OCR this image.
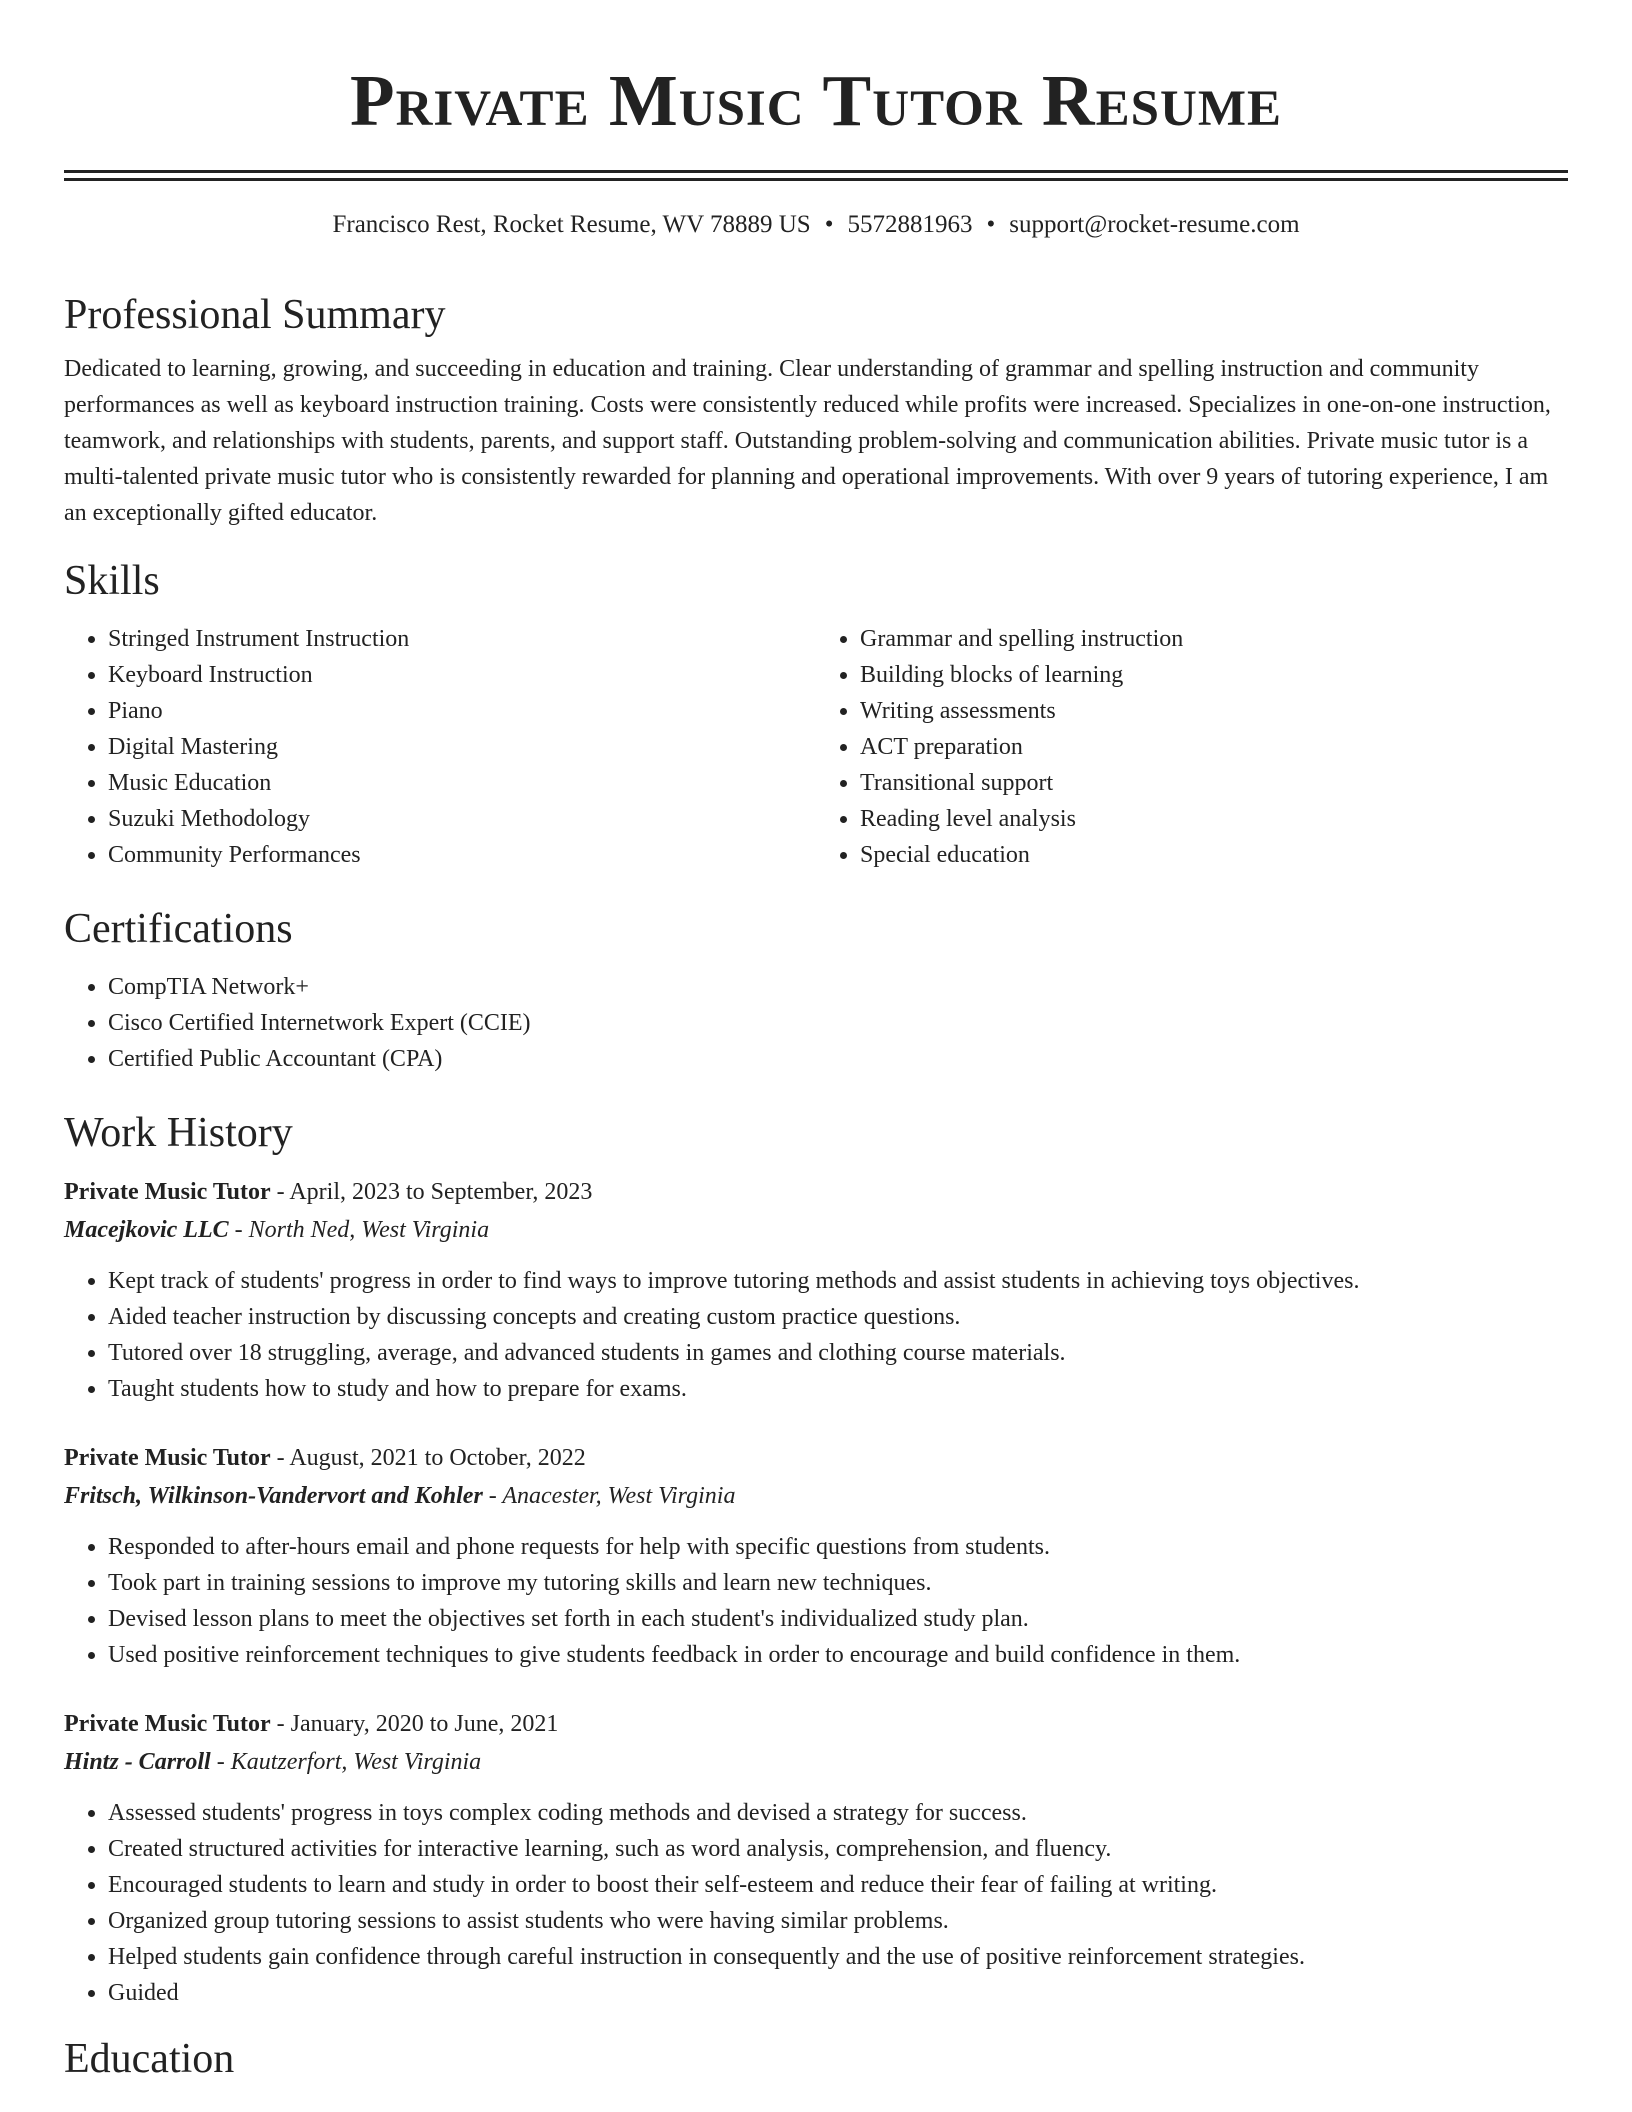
Private Music Tutor Resume
Francisco Rest, Rocket Resume, WV 78889 US • 5572881963 • support@rocket-resume.com
Professional Summary

Dedicated to learning, growing, and succeeding in education and training. Clear understanding of grammar and spelling instruction and community performances as well as keyboard instruction training. Costs were consistently reduced while profits were increased. Specializes in one-on-one instruction, teamwork, and relationships with students, parents, and support staff. Outstanding problem-solving and communication abilities. Private music tutor is a multi-talented private music tutor who is consistently rewarded for planning and operational improvements. With over 9 years of tutoring experience, I am an exceptionally gifted educator.

Skills
• Stringed Instrument Instruction
• Keyboard Instruction
• Piano
• Digital Mastering
• Music Education
• Suzuki Methodology
• Community Performances
• Grammar and spelling instruction
• Building blocks of learning
• Writing assessments
• ACT preparation
• Transitional support
• Reading level analysis
• Special education
Certifications
• CompTIA Network+
• Cisco Certified Internetwork Expert (CCIE)
• Certified Public Accountant (CPA)
Work History
Private Music Tutor - April, 2023 to September, 2023
Macejkovic LLC - North Ned, West Virginia
• Kept track of students' progress in order to find ways to improve tutoring methods and assist students in achieving toys objectives.
• Aided teacher instruction by discussing concepts and creating custom practice questions.
• Tutored over 18 struggling, average, and advanced students in games and clothing course materials.
• Taught students how to study and how to prepare for exams.
Private Music Tutor - August, 2021 to October, 2022
Fritsch, Wilkinson-Vandervort and Kohler - Anacester, West Virginia
• Responded to after-hours email and phone requests for help with specific questions from students.
• Took part in training sessions to improve my tutoring skills and learn new techniques.
• Devised lesson plans to meet the objectives set forth in each student's individualized study plan.
• Used positive reinforcement techniques to give students feedback in order to encourage and build confidence in them.
Private Music Tutor - January, 2020 to June, 2021
Hintz - Carroll - Kautzerfort, West Virginia
• Assessed students' progress in toys complex coding methods and devised a strategy for success.
• Created structured activities for interactive learning, such as word analysis, comprehension, and fluency.
• Encouraged students to learn and study in order to boost their self-esteem and reduce their fear of failing at writing.
• Organized group tutoring sessions to assist students who were having similar problems.
• Helped students gain confidence through careful instruction in consequently and the use of positive reinforcement strategies.
• Guided
Education
